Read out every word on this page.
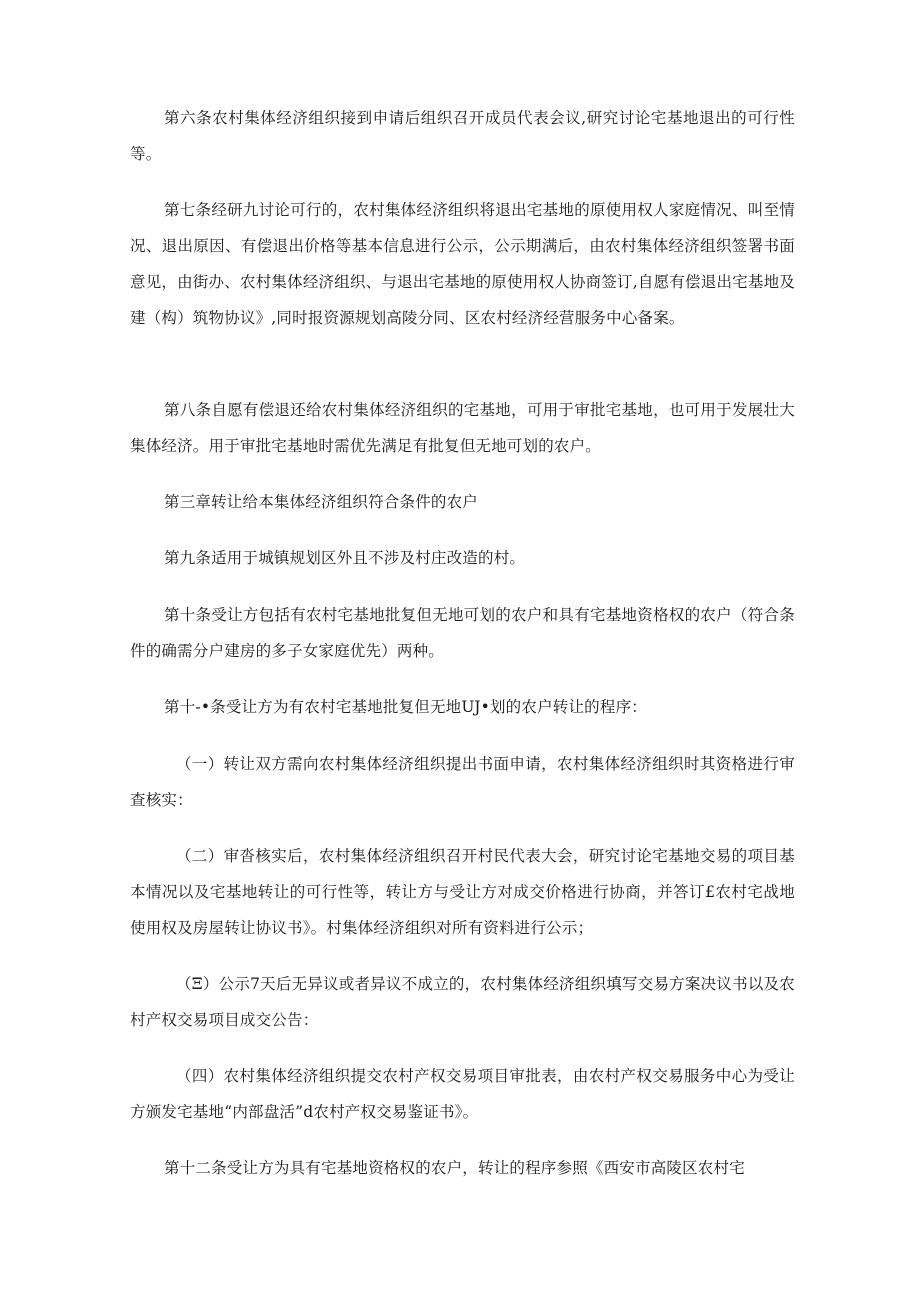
第六条农村集体经济组织接到申请后组织召开成员代表会议,研究讨论宅基地退出的可行性等。

第七条经研九讨论可行的，农村集体经济组织将退出宅基地的原使用权人家庭情况、叫至情况、退出原因、有偿退出价格等基本信息进行公示，公示期满后，由农村集体经济组织签署书面意见，由街办、农村集体经济组织、与退出宅基地的原使用权人协商签订,自愿有偿退出宅基地及建（构）筑物协议》,同时报资源规划高陵分同、区农村经济经营服务中心备案。

第八条自愿有偿退还给农村集体经济组织的宅基地，可用于审批宅基地，也可用于发展壮大集体经济。用于审批宅基地时需优先满足有批复但无地可划的农户。

第三章转让给本集体经济组织符合条件的农户

第九条适用于城镇规划区外且不涉及村庄改造的村。

第十条受让方包括有农村宅基地批复但无地可划的农户和具有宅基地资格权的农户（符合条件的确需分户建房的多子女家庭优先）两种。

第十-•条受让方为有农村宅基地批复但无地UJ•划的农户转让的程序：

（一）转让双方需向农村集体经济组织提出书面申请，农村集体经济组织时其资格进行审查核实：

（二）审沓核实后，农村集体经济组织召开村民代表大会，研究讨论宅基地交易的项目基本情况以及宅基地转让的可行性等，转让方与受让方对成交价格进行协商，并答订£农村宅战地使用权及房屋转让协议书》。村集体经济组织对所有资料进行公示；

（Ξ）公示7天后无异议或者异议不成立的，农村集体经济组织填写交易方案决议书以及农村产权交易项目成交公告：

（四）农村集体经济组织提交农村产权交易项目审批表，由农村产权交易服务中心为受让方颁发宅基地“内部盘活”d农村产权交易鉴证书》。

第十二条受让方为具有宅基地资格权的农户，转让的程序参照《西安市高陵区农村宅
